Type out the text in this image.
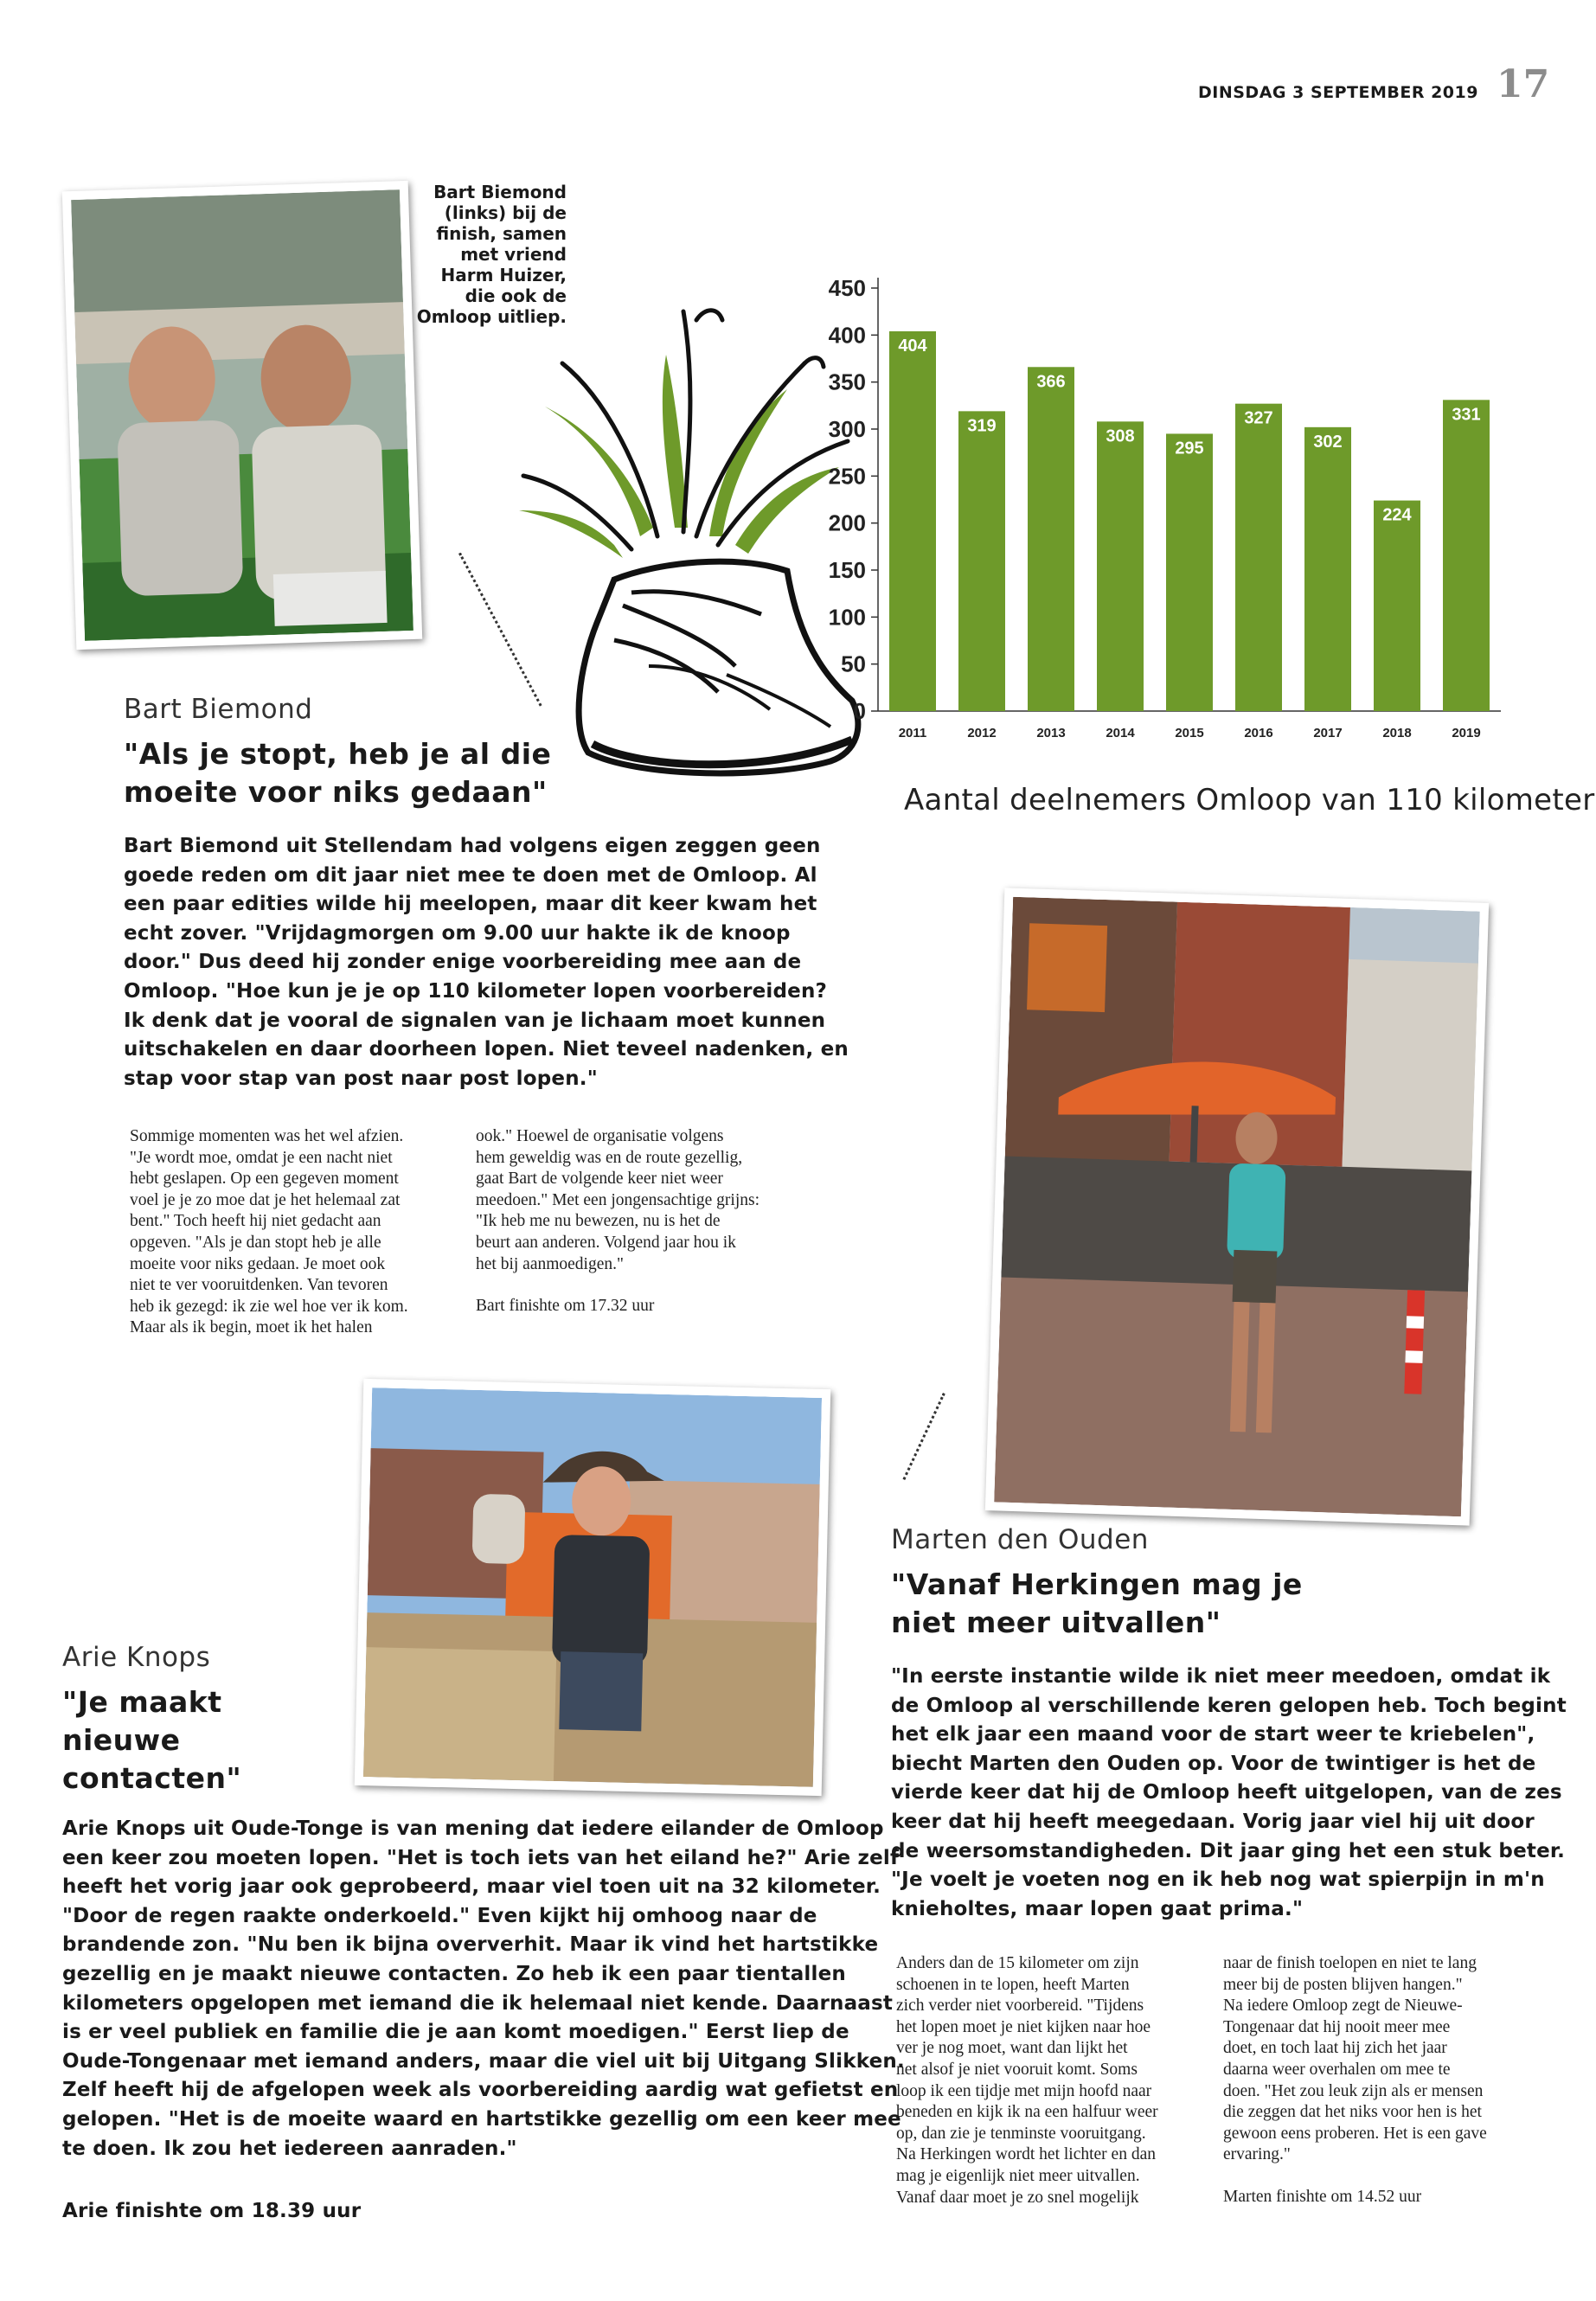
DINSDAG 3 SEPTEMBER 2019 17
Bart Biemond
(links) bij de
finish, samen
met vriend
Harm Huizer,
die ook de
Omloop uitliep.
0
50
100
150
200
250
300
350
400
450
404
2011
319
2012
366
2013
308
2014
295
2015
327
2016
302
2017
224
2018
331
2019
Aantal deelnemers Omloop van 110 kilometer
Bart Biemond
"Als je stopt, heb je al die
moeite voor niks gedaan"
Bart Biemond uit Stellendam had volgens eigen zeggen geen
goede reden om dit jaar niet mee te doen met de Omloop. Al
een paar edities wilde hij meelopen, maar dit keer kwam het
echt zover. "Vrijdagmorgen om 9.00 uur hakte ik de knoop
door." Dus deed hij zonder enige voorbereiding mee aan de
Omloop. "Hoe kun je je op 110 kilometer lopen voorbereiden?
Ik denk dat je vooral de signalen van je lichaam moet kunnen
uitschakelen en daar doorheen lopen. Niet teveel nadenken, en
stap voor stap van post naar post lopen."

Sommige momenten was het wel afzien.

"Je wordt moe, omdat je een nacht niet

hebt geslapen. Op een gegeven moment

voel je je zo moe dat je het helemaal zat

bent." Toch heeft hij niet gedacht aan

opgeven. "Als je dan stopt heb je alle

moeite voor niks gedaan. Je moet ook

niet te ver vooruitdenken. Van tevoren

heb ik gezegd: ik zie wel hoe ver ik kom.

Maar als ik begin, moet ik het halen

ook." Hoewel de organisatie volgens

hem geweldig was en de route gezellig,

gaat Bart de volgende keer niet weer

meedoen." Met een jongensachtige grijns:

"Ik heb me nu bewezen, nu is het de

beurt aan anderen. Volgend jaar hou ik

het bij aanmoedigen."

Bart finishte om 17.32 uur

Marten den Ouden
"Vanaf Herkingen mag je
niet meer uitvallen"
"In eerste instantie wilde ik niet meer meedoen, omdat ik
de Omloop al verschillende keren gelopen heb. Toch begint
het elk jaar een maand voor de start weer te kriebelen",
biecht Marten den Ouden op. Voor de twintiger is het de
vierde keer dat hij de Omloop heeft uitgelopen, van de zes
keer dat hij heeft meegedaan. Vorig jaar viel hij uit door
de weersomstandigheden. Dit jaar ging het een stuk beter.
"Je voelt je voeten nog en ik heb nog wat spierpijn in m'n
knieholtes, maar lopen gaat prima."

Anders dan de 15 kilometer om zijn

schoenen in te lopen, heeft Marten

zich verder niet voorbereid. "Tijdens

het lopen moet je niet kijken naar hoe

ver je nog moet, want dan lijkt het

net alsof je niet vooruit komt. Soms

loop ik een tijdje met mijn hoofd naar

beneden en kijk ik na een halfuur weer

op, dan zie je tenminste vooruitgang.

Na Herkingen wordt het lichter en dan

mag je eigenlijk niet meer uitvallen.

Vanaf daar moet je zo snel mogelijk

naar de finish toelopen en niet te lang

meer bij de posten blijven hangen."

Na iedere Omloop zegt de Nieuwe-

Tongenaar dat hij nooit meer mee

doet, en toch laat hij zich het jaar

daarna weer overhalen om mee te

doen. "Het zou leuk zijn als er mensen

die zeggen dat het niks voor hen is het

gewoon eens proberen. Het is een gave

ervaring."

Marten finishte om 14.52 uur

Arie Knops
"Je maakt
nieuwe
contacten"
Arie Knops uit Oude-Tonge is van mening dat iedere eilander de Omloop
een keer zou moeten lopen. "Het is toch iets van het eiland he?" Arie zelf
heeft het vorig jaar ook geprobeerd, maar viel toen uit na 32 kilometer.
"Door de regen raakte onderkoeld." Even kijkt hij omhoog naar de
brandende zon. "Nu ben ik bijna oververhit. Maar ik vind het hartstikke
gezellig en je maakt nieuwe contacten. Zo heb ik een paar tientallen
kilometers opgelopen met iemand die ik helemaal niet kende. Daarnaast
is er veel publiek en familie die je aan komt moedigen." Eerst liep de
Oude-Tongenaar met iemand anders, maar die viel uit bij Uitgang Slikken.
Zelf heeft hij de afgelopen week als voorbereiding aardig wat gefietst en
gelopen. "Het is de moeite waard en hartstikke gezellig om een keer mee
te doen. Ik zou het iedereen aanraden."
Arie finishte om 18.39 uur
